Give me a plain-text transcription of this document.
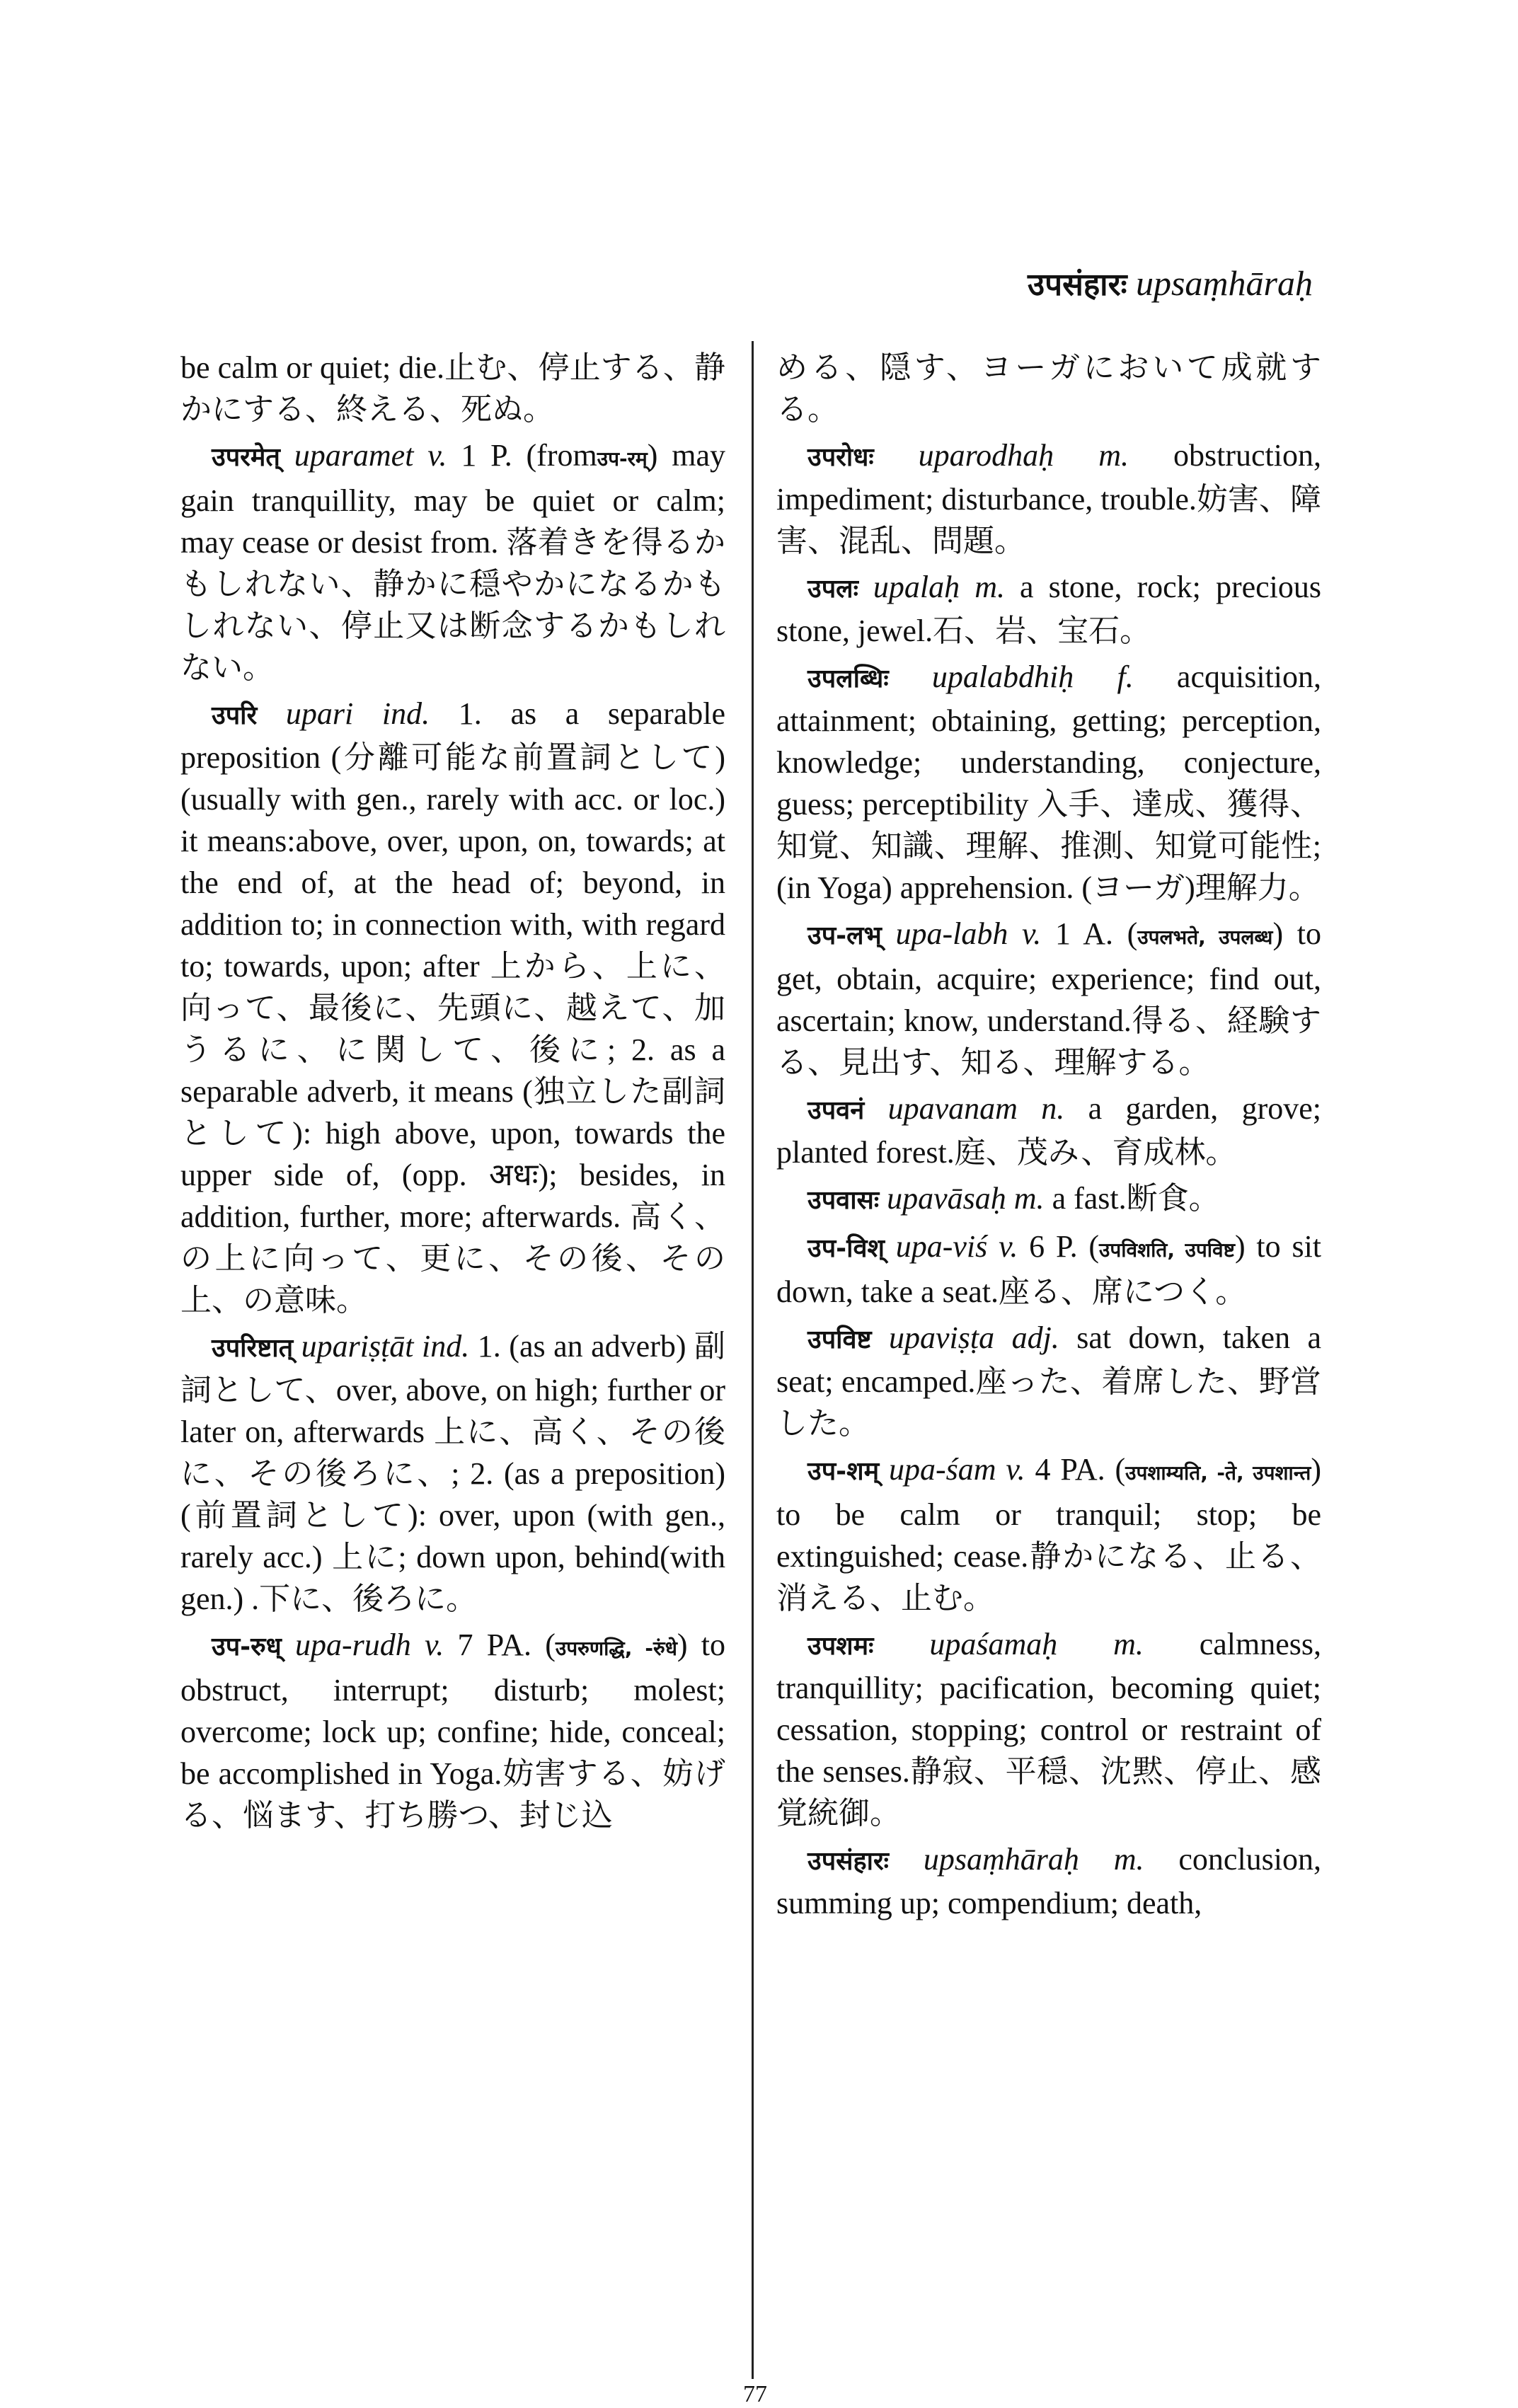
उपसंहारः upsaṃhāraḥ

be calm or quiet; die.止む、停止する、静かにする、終える、死ぬ。

उपरमेत् uparamet v. 1 P. (fromउप-रम्) may gain tranquillity, may be quiet or calm; may cease or desist from. 落着きを得るかもしれない、静かに穏やかになるかもしれない、停止又は断念するかもしれない。

उपरि upari ind. 1. as a separable preposition (分離可能な前置詞として) (usually with gen., rarely with acc. or loc.) it means:above, over, upon, on, towards; at the end of, at the head of; beyond, in addition to; in connection with, with regard to; towards, upon; after 上から、上に、向って、最後に、先頭に、越えて、加うるに、に関して、後に; 2. as a separable adverb, it means (独立した副詞として): high above, upon, towards the upper side of, (opp. अधः); besides, in addition, further, more; afterwards. 高く、の上に向って、更に、その後、その上、の意味。

उपरिष्टात् upariṣṭāt ind. 1. (as an adverb) 副詞として、over, above, on high; further or later on, afterwards 上に、高く、その後に、その後ろに、; 2. (as a preposition)(前置詞として): over, upon (with gen., rarely acc.) 上に; down upon, behind(with gen.) .下に、後ろに。

उप-रुध् upa-rudh v. 7 PA. (उपरुणद्धि, -रुंधे) to obstruct, interrupt; disturb; molest; overcome; lock up; confine; hide, conceal; be accomplished in Yoga.妨害する、妨げる、悩ます、打ち勝つ、封じ込

める、隠す、ヨーガにおいて成就する。

उपरोधः uparodhaḥ m. obstruction, impediment; disturbance, trouble.妨害、障害、混乱、問題。

उपलः upalaḥ m. a stone, rock; precious stone, jewel.石、岩、宝石。

उपलब्धिः upalabdhiḥ f. acquisition, attainment; obtaining, getting; perception, knowledge; understanding, conjecture, guess; perceptibility 入手、達成、獲得、知覚、知識、理解、推測、知覚可能性; (in Yoga) apprehension. (ヨーガ)理解力。

उप-लभ् upa-labh v. 1 A. (उपलभते, उपलब्ध) to get, obtain, acquire; experience; find out, ascertain; know, understand.得る、経験する、見出す、知る、理解する。

उपवनं upavanam n. a garden, grove; planted forest.庭、茂み、育成林。

उपवासः upavāsaḥ m. a fast.断食。

उप-विश् upa-viś v. 6 P. (उपविशति, उपविष्ट) to sit down, take a seat.座る、席につく。

उपविष्ट upaviṣṭa adj. sat down, taken a seat; encamped.座った、着席した、野営した。

उप-शम् upa-śam v. 4 PA. (उपशाम्यति, -ते, उपशान्त) to be calm or tranquil; stop; be extinguished; cease.静かになる、止る、消える、止む。

उपशमः upaśamaḥ m. calmness, tranquillity; pacification, becoming quiet; cessation, stopping; control or restraint of the senses.静寂、平穏、沈黙、停止、感覚統御。

उपसंहारः upsaṃhāraḥ m. conclusion, summing up; compendium; death,

77
